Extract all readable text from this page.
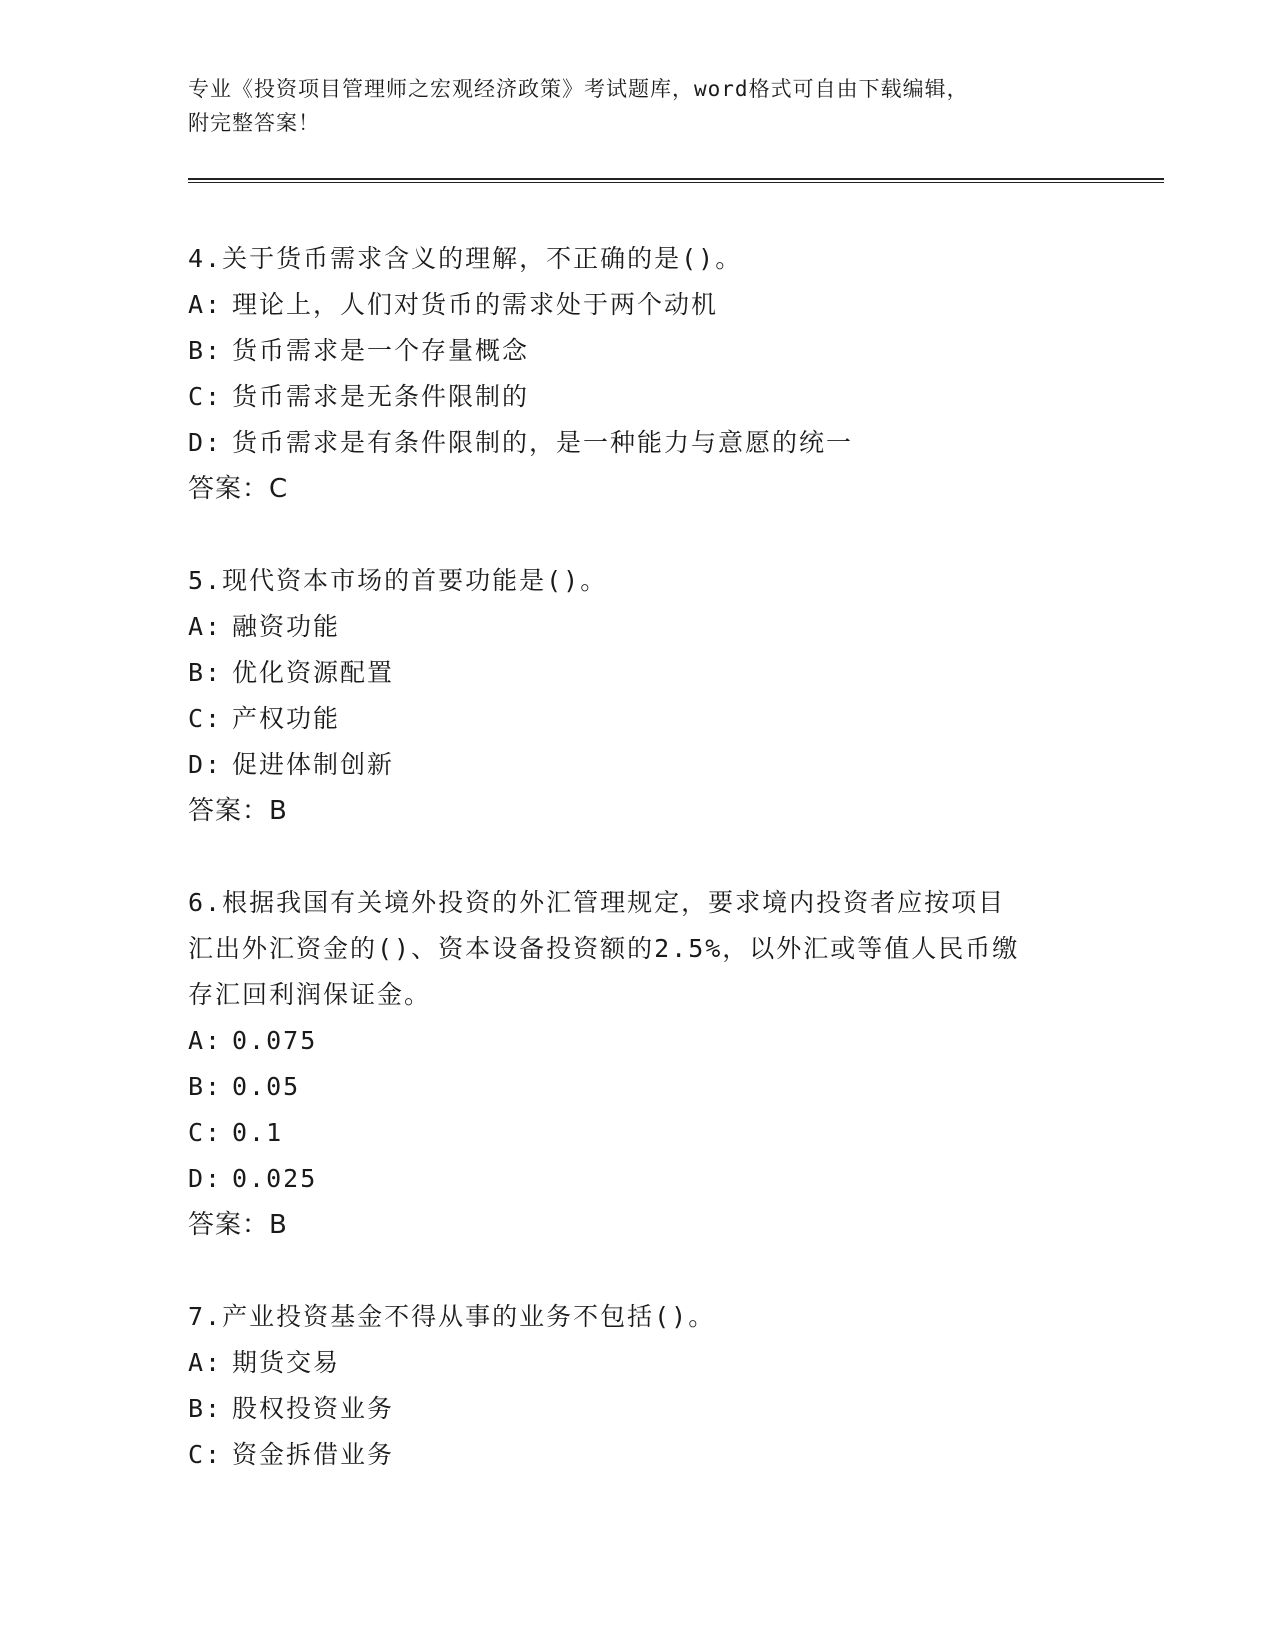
专业《投资项目管理师之宏观经济政策》考试题库，word格式可自由下载编辑，
附完整答案！
4.关于货币需求含义的理解，不正确的是()。
A: 理论上，人们对货币的需求处于两个动机
B: 货币需求是一个存量概念
C: 货币需求是无条件限制的
D: 货币需求是有条件限制的，是一种能力与意愿的统一
答案：C
5.现代资本市场的首要功能是()。
A: 融资功能
B: 优化资源配置
C: 产权功能
D: 促进体制创新
答案：B
6.根据我国有关境外投资的外汇管理规定，要求境内投资者应按项目
汇出外汇资金的()、资本设备投资额的2.5%，以外汇或等值人民币缴
存汇回利润保证金。
A: 0.075
B: 0.05
C: 0.1
D: 0.025
答案：B
7.产业投资基金不得从事的业务不包括()。
A: 期货交易
B: 股权投资业务
C: 资金拆借业务
